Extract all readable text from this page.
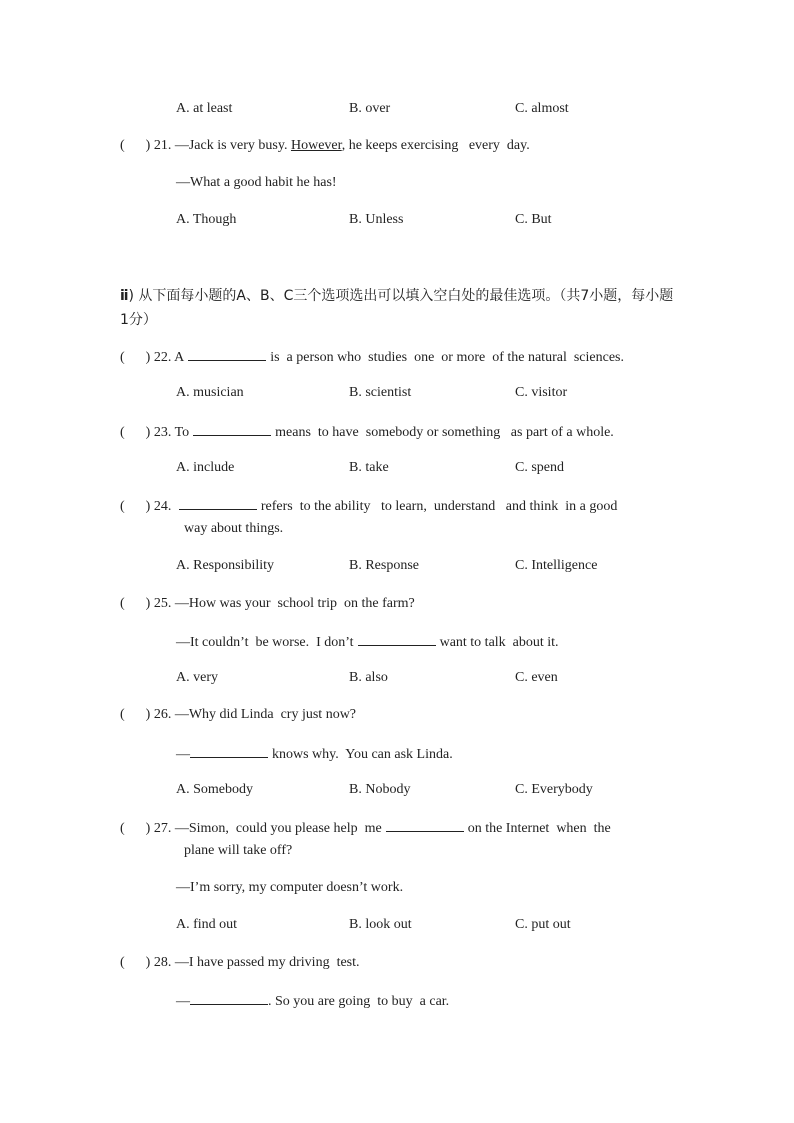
A. at least	B. over	C. almost
(      ) 21. —Jack is very busy. However, he keeps exercising   every  day.
—What a good habit he has!
A. Though	B. Unless	C. But
ⅱ) 从下面每小题的A、B、C三个选项选出可以填入空白处的最佳选项。（共7小题，每小题1分）
(      ) 22. A	is  a person who  studies  one  or more  of the natural  sciences.
A. musician	B. scientist	C. visitor
(      ) 23. To	means  to have  somebody or something   as part of a whole.
A. include	B. take	C. spend
(      ) 24.	refers  to the ability   to learn,  understand   and think  in a good
way about things.
A. Responsibility	B. Response	C. Intelligence
(      ) 25. —How was your  school trip  on the farm?
—It couldn’t  be worse.  I don’t	want to talk  about it.
A. very	B. also	C. even
(      ) 26. —Why did Linda  cry just now?
—	knows why.  You can ask Linda.
A. Somebody	B. Nobody	C. Everybody
(      ) 27. —Simon,  could you please help  me	on the Internet  when  the
plane will take off?
—I’m sorry, my computer doesn’t work.
A. find out	B. look out	C. put out
(      ) 28. —I have passed my driving  test.
—	. So you are going  to buy  a car.
